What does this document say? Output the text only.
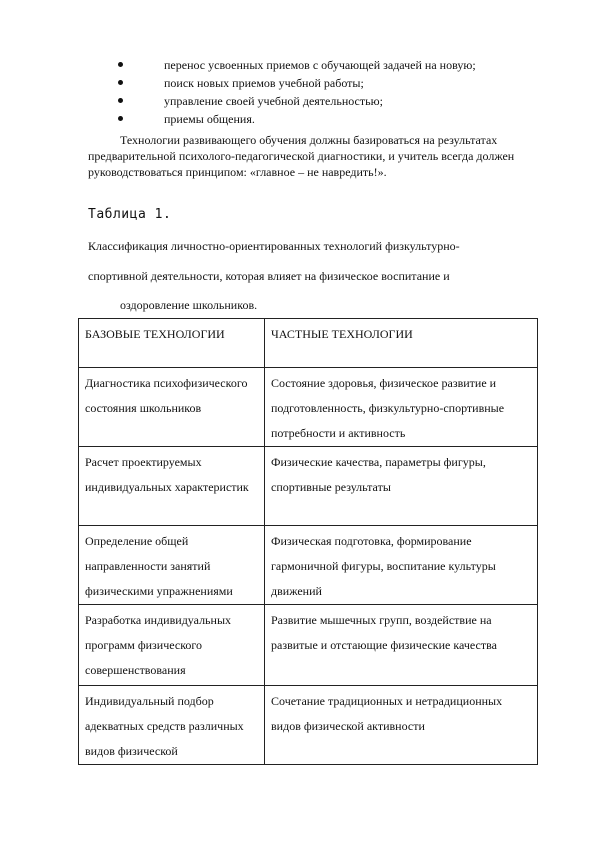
перенос усвоенных приемов с обучающей задачей на новую;
поиск новых приемов учебной работы;
управление своей учебной деятельностью;
приемы общения.
Технологии развивающего обучения должны базироваться на результатах предварительной психолого-педагогической диагностики, и учитель всегда должен руководствоваться принципом: «главное – не навредить!».
Таблица 1.
Классификация личностно-ориентированных технологий физкультурно-
спортивной деятельности, которая влияет на физическое воспитание и
оздоровление школьников.
БАЗОВЫЕ ТЕХНОЛОГИИ	ЧАСТНЫЕ ТЕХНОЛОГИИ
Диагностика психофизического состояния школьников	Состояние здоровья, физическое развитие и подготовленность, физкультурно-спортивные потребности и активность
Расчет проектируемых индивидуальных характеристик	Физические качества, параметры фигуры, спортивные результаты
Определение общей направленности занятий физическими упражнениями	Физическая подготовка, формирование гармоничной фигуры, воспитание культуры движений
Разработка индивидуальных программ физического совершенствования	Развитие мышечных групп, воздействие на развитые и отстающие физические качества
Индивидуальный подбор адекватных средств различных видов физической	Сочетание традиционных и нетрадиционных видов физической активности
